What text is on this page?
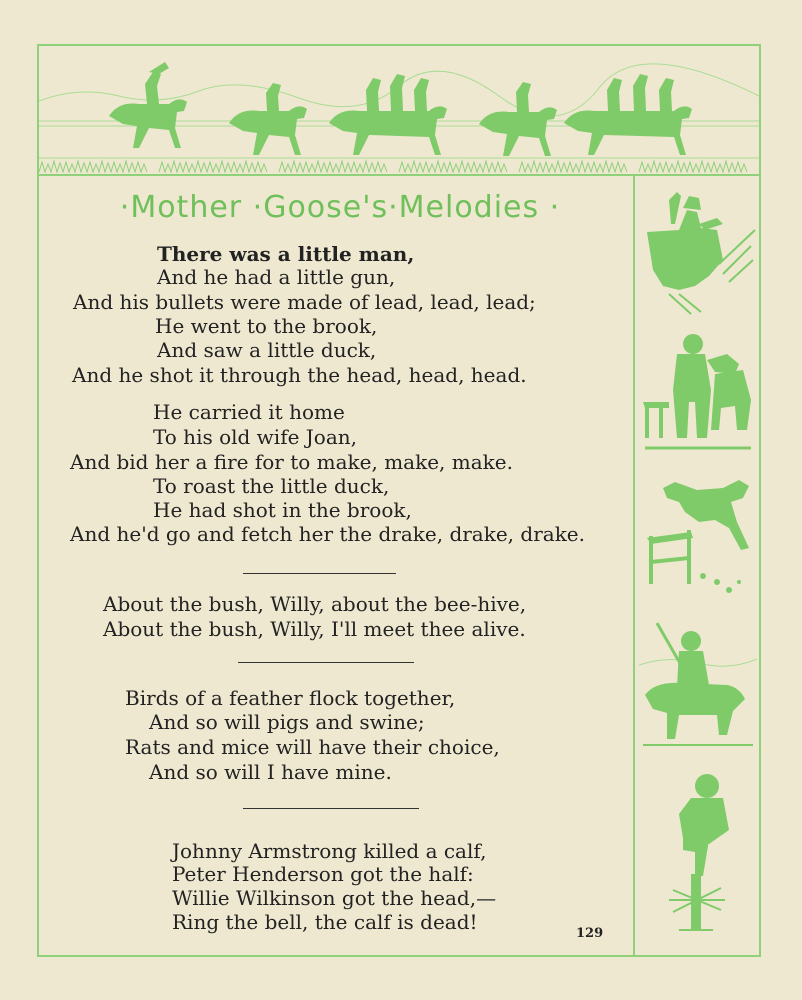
·Mother ·Goose's·Melodies ·
There was a little man,
And he had a little gun,
And his bullets were made of lead, lead, lead;
He went to the brook,
And saw a little duck,
And he shot it through the head, head, head.
He carried it home
To his old wife Joan,
And bid her a fire for to make, make, make.
To roast the little duck,
He had shot in the brook,
And he'd go and fetch her the drake, drake, drake.
About the bush, Willy, about the bee-hive,
About the bush, Willy, I'll meet thee alive.
Birds of a feather flock together,
And so will pigs and swine;
Rats and mice will have their choice,
And so will I have mine.
Johnny Armstrong killed a calf,
Peter Henderson got the half:
Willie Wilkinson got the head,—
Ring the bell, the calf is dead!	129
